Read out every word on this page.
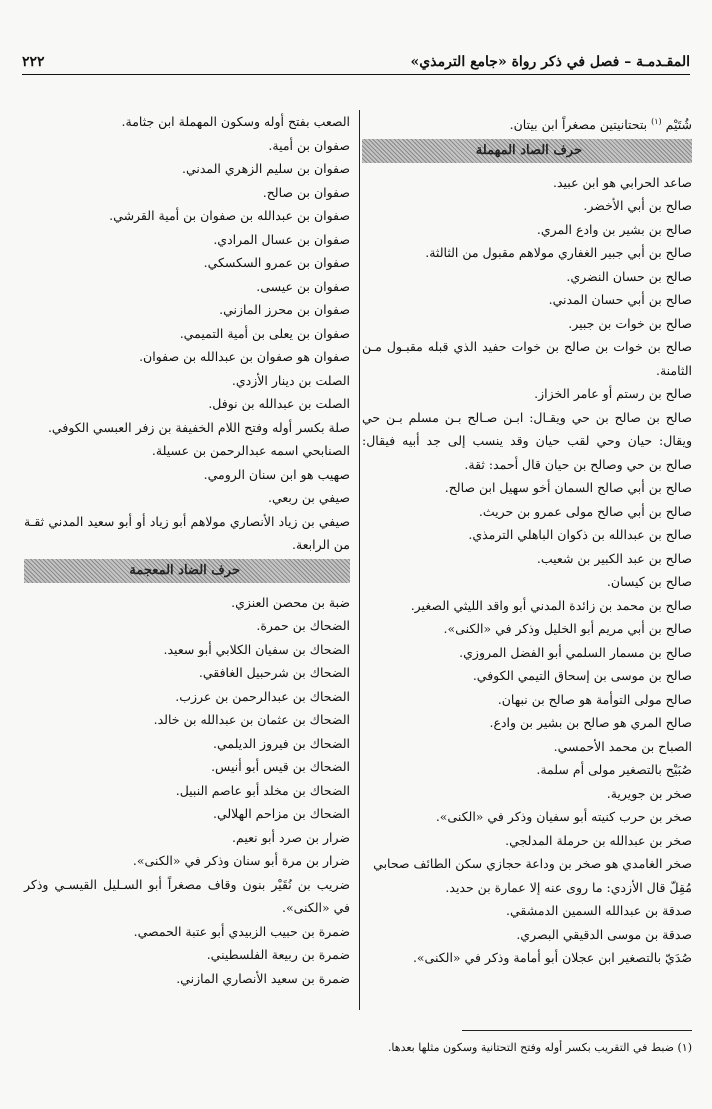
المقـدمـة – فصل في ذكر رواة «جامع الترمذي»
٢٢٢

شُتَيْم $^{(١)}$ بتحتانيتين مصغراً ابن بيتان.

حرف الصاد المهملة
صاعد الحرابي هو ابن عبيد.
صالح بن أبي الأخضر.
صالح بن بشير بن وادع المري.
صالح بن أبي جبير الغفاري مولاهم مقبول من الثالثة.
صالح بن حسان النضري.
صالح بن أبي حسان المدني.
صالح بن خوات بن جبير.
صالح بن خوات بن صالح بن خوات حفيد الذي قبله مقبـول مـن الثامنة.
صالح بن رستم أو عامر الخزاز.
صالح بن صالح بن حي ويقـال: ابـن صـالح بـن مسلم بـن حي ويقال: حيان وحي لقب حيان وقد ينسب إلى جد أبيه فيقال: صالح بن حي وصالح بن حيان قال أحمد: ثقة.
صالح بن أبي صالح السمان أخو سهيل ابن صالح.
صالح بن أبي صالح مولى عمرو بن حريث.
صالح بن عبدالله بن ذكوان الباهلي الترمذي.
صالح بن عبد الكبير بن شعيب.
صالح بن كيسان.
صالح بن محمد بن زائدة المدني أبو واقد الليثي الصغير.
صالح بن أبي مريم أبو الخليل وذكر في «الكنى».
صالح بن مسمار السلمي أبو الفضل المروزي.
صالح بن موسى بن إسحاق التيمي الكوفي.
صالح مولى التوأمة هو صالح بن نبهان.
صالح المري هو صالح بن بشير بن وادع.
الصباح بن محمد الأحمسي.
صُبَيْح بالتصغير مولى أم سلمة.
صخر بن جويرية.
صخر بن حرب كنيته أبو سفيان وذكر في «الكنى».
صخر بن عبدالله بن حرملة المدلجي.
صخر الغامدي هو صخر بن وداعة حجازي سكن الطائف صحابي
مُقِلّ قال الأزدي: ما روى عنه إلا عمارة بن حديد.
صدقة بن عبدالله السمين الدمشقي.
صدقة بن موسى الدقيقي البصري.
صُدَيّ بالتصغير ابن عجلان أبو أمامة وذكر في «الكنى».
الصعب بفتح أوله وسكون المهملة ابن جثامة.
صفوان بن أمية.
صفوان بن سليم الزهري المدني.
صفوان بن صالح.
صفوان بن عبدالله بن صفوان بن أمية القرشي.
صفوان بن عسال المرادي.
صفوان بن عمرو السكسكي.
صفوان بن عيسى.
صفوان بن محرز المازني.
صفوان بن يعلى بن أمية التميمي.
صفوان هو صفوان بن عبدالله بن صفوان.
الصلت بن دينار الأزدي.
الصلت بن عبدالله بن نوفل.
صلة بكسر أوله وفتح اللام الخفيفة بن زفر العبسي الكوفي.
الصنابحي اسمه عبدالرحمن بن عسيلة.
صهيب هو ابن سنان الرومي.
صيفي بن ربعي.
صيفي بن زياد الأنصاري مولاهم أبو زياد أو أبو سعيد المدني ثقـة من الرابعة.
حرف الضاد المعجمة
ضبة بن محصن العنزي.
الضحاك بن حمرة.
الضحاك بن سفيان الكلابي أبو سعيد.
الضحاك بن شرحبيل الغافقي.
الضحاك بن عبدالرحمن بن عرزب.
الضحاك بن عثمان بن عبدالله بن خالد.
الضحاك بن فيروز الديلمي.
الضحاك بن قيس أبو أنيس.
الضحاك بن مخلد أبو عاصم النبيل.
الضحاك بن مزاحم الهلالي.
ضرار بن صرد أبو نعيم.
ضرار بن مرة أبو سنان وذكر في «الكنى».
ضريب بن نُقَيْر بنون وقاف مصغراً أبو السـليل القيسـي وذكر في «الكنى».
ضمرة بن حبيب الزبيدي أبو عتبة الحمصي.
ضمرة بن ربيعة الفلسطيني.
ضمرة بن سعيد الأنصاري المازني.
(١) ضبط في التقريب بكسر أوله وفتح التحتانية وسكون مثلها بعدها.
